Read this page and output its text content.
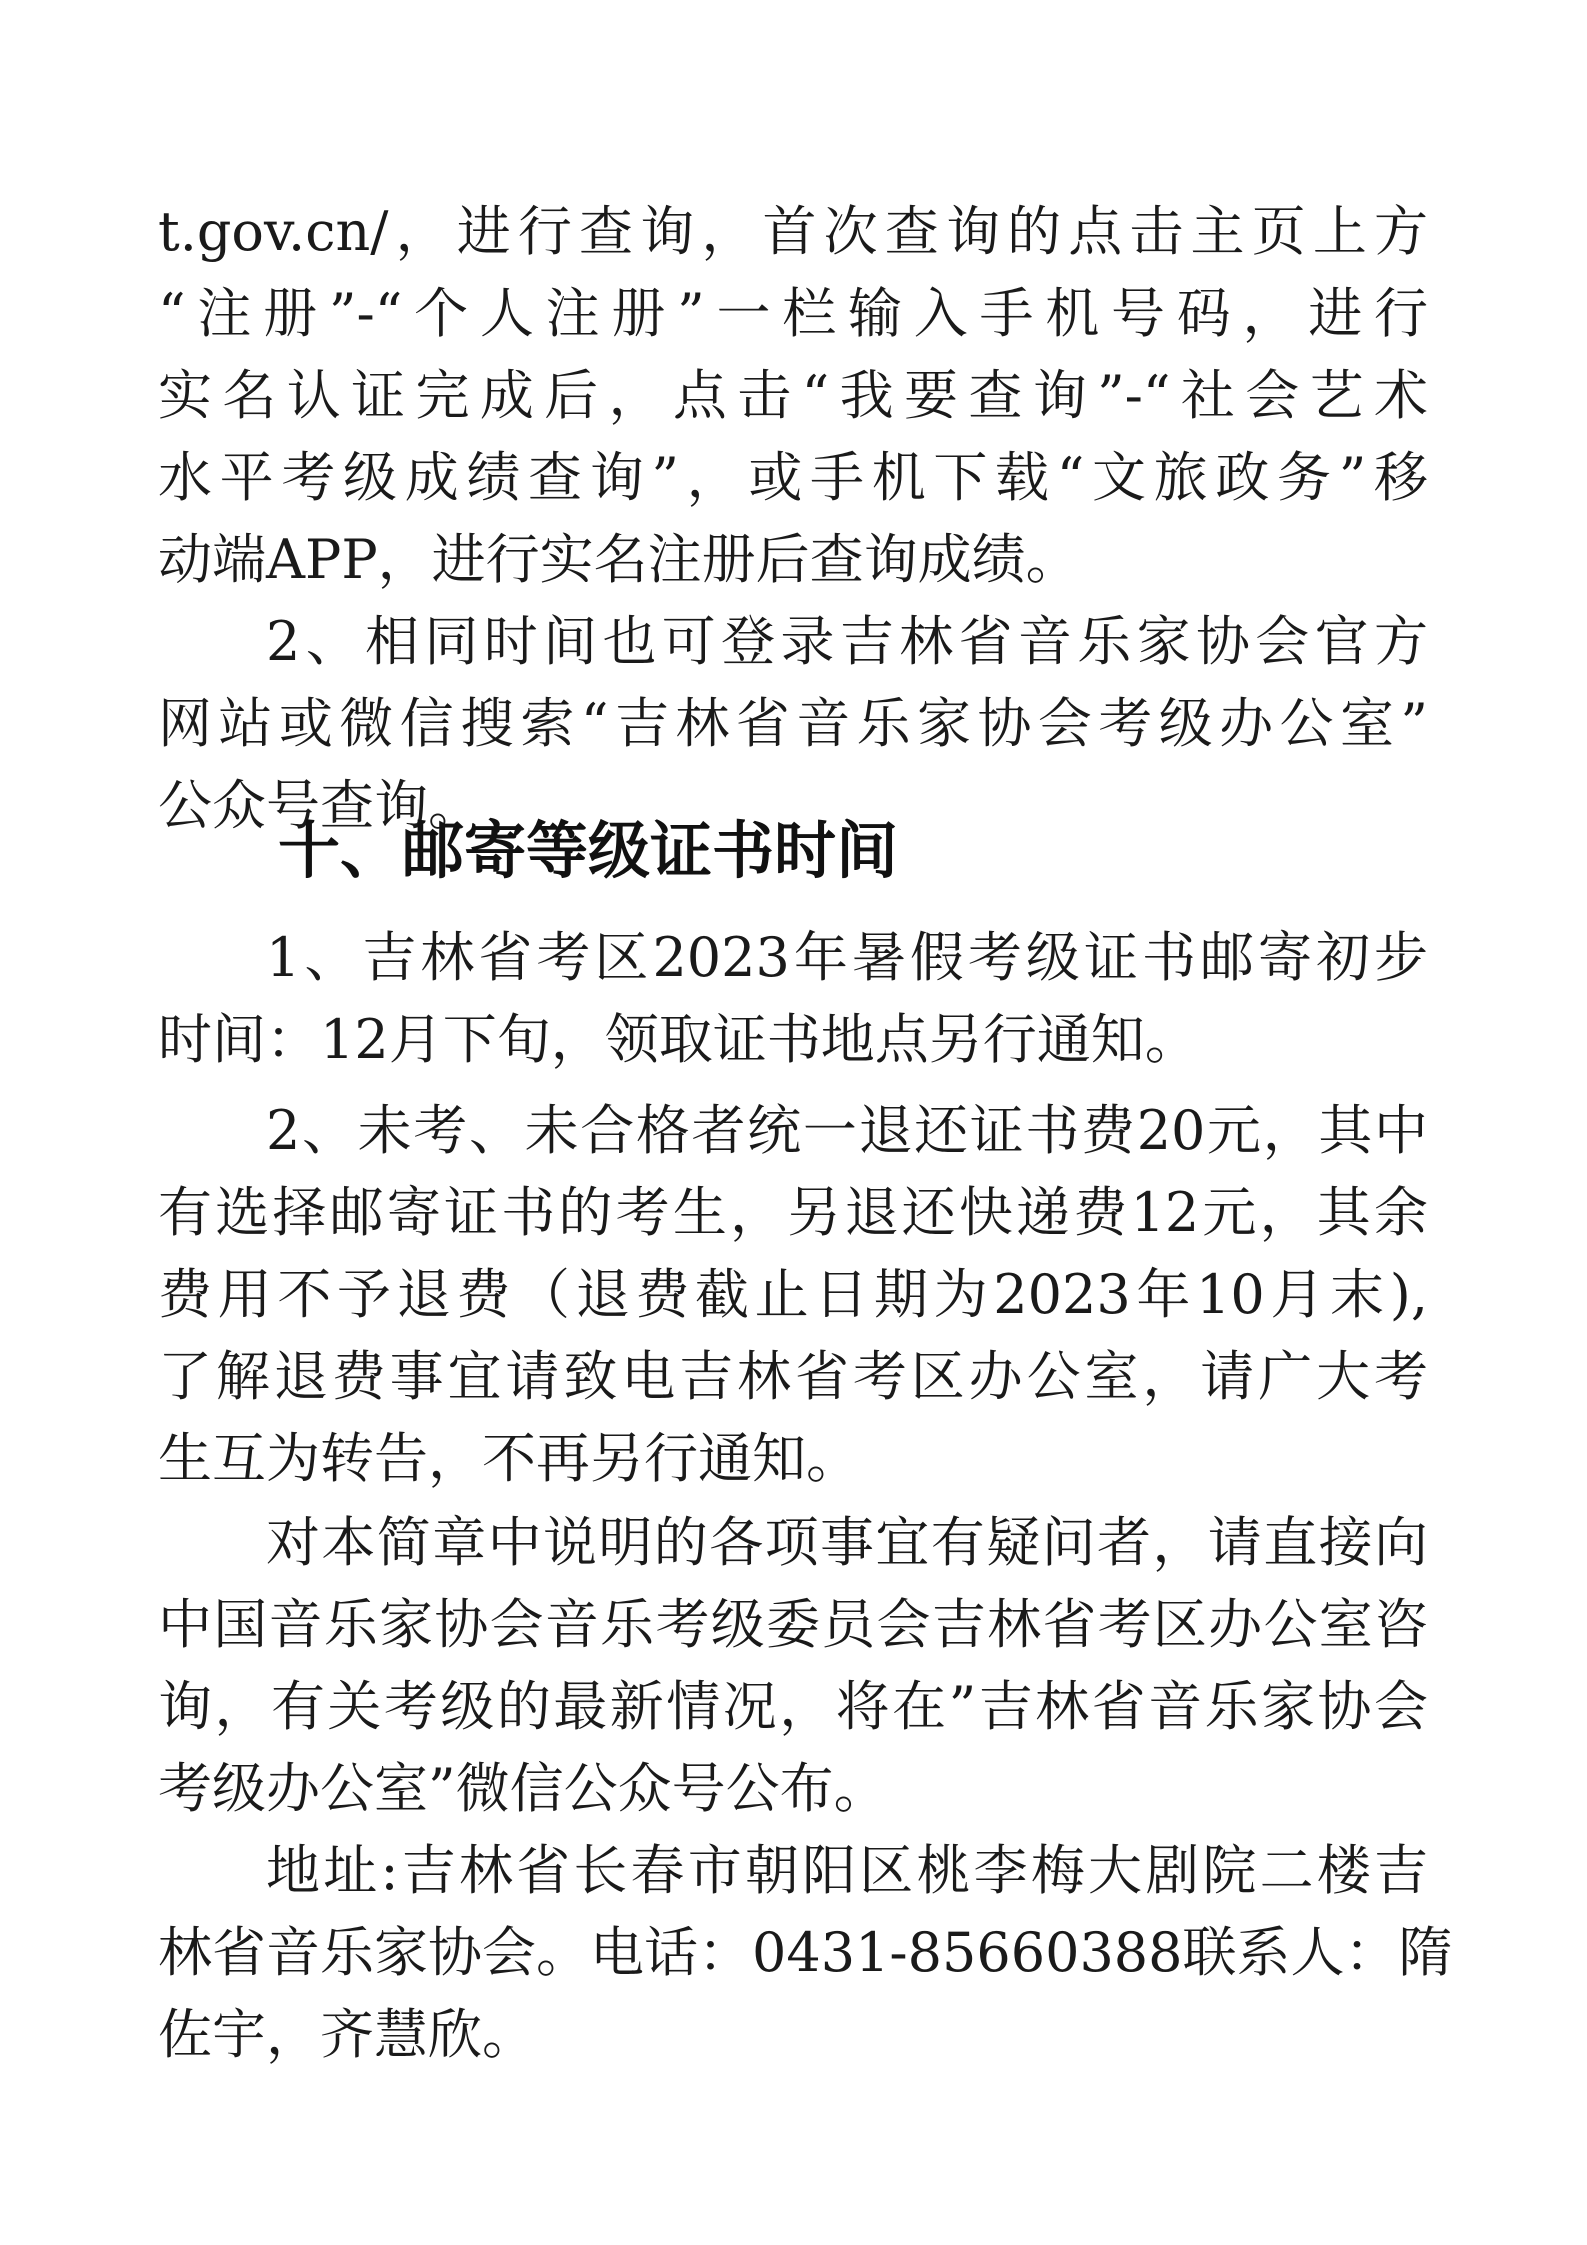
t.gov.cn/，进行查询，首次查询的点击主页上方
“注册”-“个人注册”一栏输入手机号码，进行
实名认证完成后，点击“我要查询”-“社会艺术
水平考级成绩查询”，或手机下载“文旅政务”移
动端APP，进行实名注册后查询成绩。
2、相同时间也可登录吉林省音乐家协会官方
网站或微信搜索“吉林省音乐家协会考级办公室”
公众号查询。
十、邮寄等级证书时间
1、吉林省考区2023年暑假考级证书邮寄初步
时间：12月下旬，领取证书地点另行通知。
2、未考、未合格者统一退还证书费20元，其中
有选择邮寄证书的考生，另退还快递费12元，其余
费用不予退费（退费截止日期为2023年10月末),
了解退费事宜请致电吉林省考区办公室，请广大考
生互为转告，不再另行通知。
对本简章中说明的各项事宜有疑问者，请直接向
中国音乐家协会音乐考级委员会吉林省考区办公室咨
询，有关考级的最新情况，将在”吉林省音乐家协会
考级办公室”微信公众号公布。
地址:吉林省长春市朝阳区桃李梅大剧院二楼吉
林省音乐家协会。电话：0431-85660388联系人：隋
佐宇，齐慧欣。
